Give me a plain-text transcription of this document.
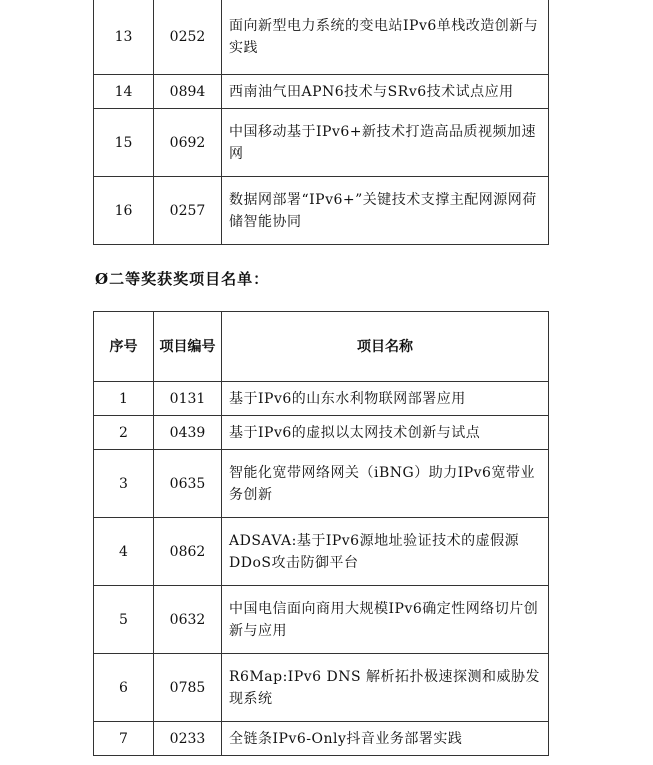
13	0252	面向新型电力系统的变电站IPv6单栈改造创新与实践
14	0894	西南油气田APN6技术与SRv6技术试点应用
15	0692	中国移动基于IPv6+新技术打造高品质视频加速网
16	0257	数据网部署“IPv6+”关键技术支撑主配网源网荷储智能协同

Ø二等奖获奖项目名单：

序号	项目编号	项目名称
1	0131	基于IPv6的山东水利物联网部署应用
2	0439	基于IPv6的虚拟以太网技术创新与试点
3	0635	智能化宽带网络网关（iBNG）助力IPv6宽带业务创新
4	0862	ADSAVA:基于IPv6源地址验证技术的虚假源DDoS攻击防御平台
5	0632	中国电信面向商用大规模IPv6确定性网络切片创新与应用
6	0785	R6Map:IPv6 DNS 解析拓扑极速探测和威胁发现系统
7	0233	全链条IPv6-Only抖音业务部署实践
